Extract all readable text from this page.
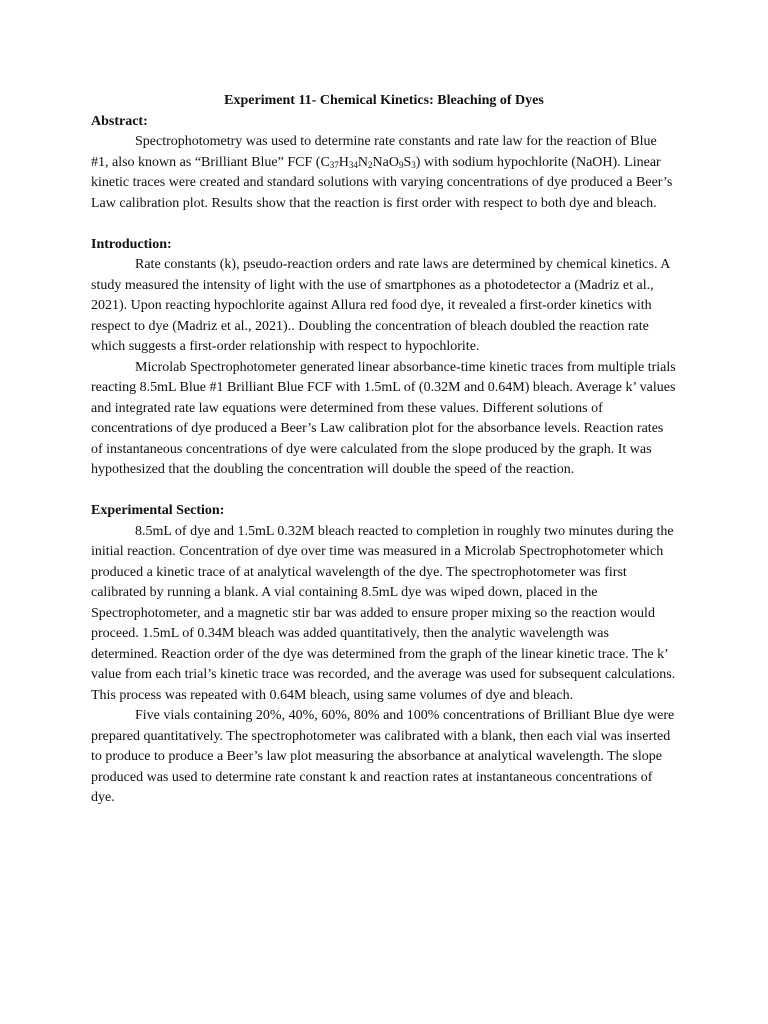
Experiment 11- Chemical Kinetics: Bleaching of Dyes

Abstract:

Spectrophotometry was used to determine rate constants and rate law for the reaction of Blue #1, also known as “Brilliant Blue” FCF $(C_{37}H_{34}N_2NaO_9S_3)$ with sodium hypochlorite (NaOH). Linear kinetic traces were created and standard solutions with varying concentrations of dye produced a Beer’s Law calibration plot. Results show that the reaction is first order with respect to both dye and bleach.

Introduction:

Rate constants (k), pseudo-reaction orders and rate laws are determined by chemical kinetics. A study measured the intensity of light with the use of smartphones as a photodetector a (Madriz et al., 2021). Upon reacting hypochlorite against Allura red food dye, it revealed a first-order kinetics with respect to dye (Madriz et al., 2021).. Doubling the concentration of bleach doubled the reaction rate which suggests a first-order relationship with respect to hypochlorite.

Microlab Spectrophotometer generated linear absorbance-time kinetic traces from multiple trials reacting 8.5mL Blue #1 Brilliant Blue FCF with 1.5mL of (0.32M and 0.64M) bleach. Average k’ values and integrated rate law equations were determined from these values. Different solutions of concentrations of dye produced a Beer’s Law calibration plot for the absorbance levels. Reaction rates of instantaneous concentrations of dye were calculated from the slope produced by the graph. It was hypothesized that the doubling the concentration will double the speed of the reaction.

Experimental Section:

8.5mL of dye and 1.5mL 0.32M bleach reacted to completion in roughly two minutes during the initial reaction. Concentration of dye over time was measured in a Microlab Spectrophotometer which produced a kinetic trace of at analytical wavelength of the dye. The spectrophotometer was first calibrated by running a blank. A vial containing 8.5mL dye was wiped down, placed in the Spectrophotometer, and a magnetic stir bar was added to ensure proper mixing so the reaction would proceed. 1.5mL of 0.34M bleach was added quantitatively, then the analytic wavelength was determined. Reaction order of the dye was determined from the graph of the linear kinetic trace. The k’ value from each trial’s kinetic trace was recorded, and the average was used for subsequent calculations. This process was repeated with 0.64M bleach, using same volumes of dye and bleach.

Five vials containing 20%, 40%, 60%, 80% and 100% concentrations of Brilliant Blue dye were prepared quantitatively. The spectrophotometer was calibrated with a blank, then each vial was inserted to produce to produce a Beer’s law plot measuring the absorbance at analytical wavelength. The slope produced was used to determine rate constant k and reaction rates at instantaneous concentrations of dye.
